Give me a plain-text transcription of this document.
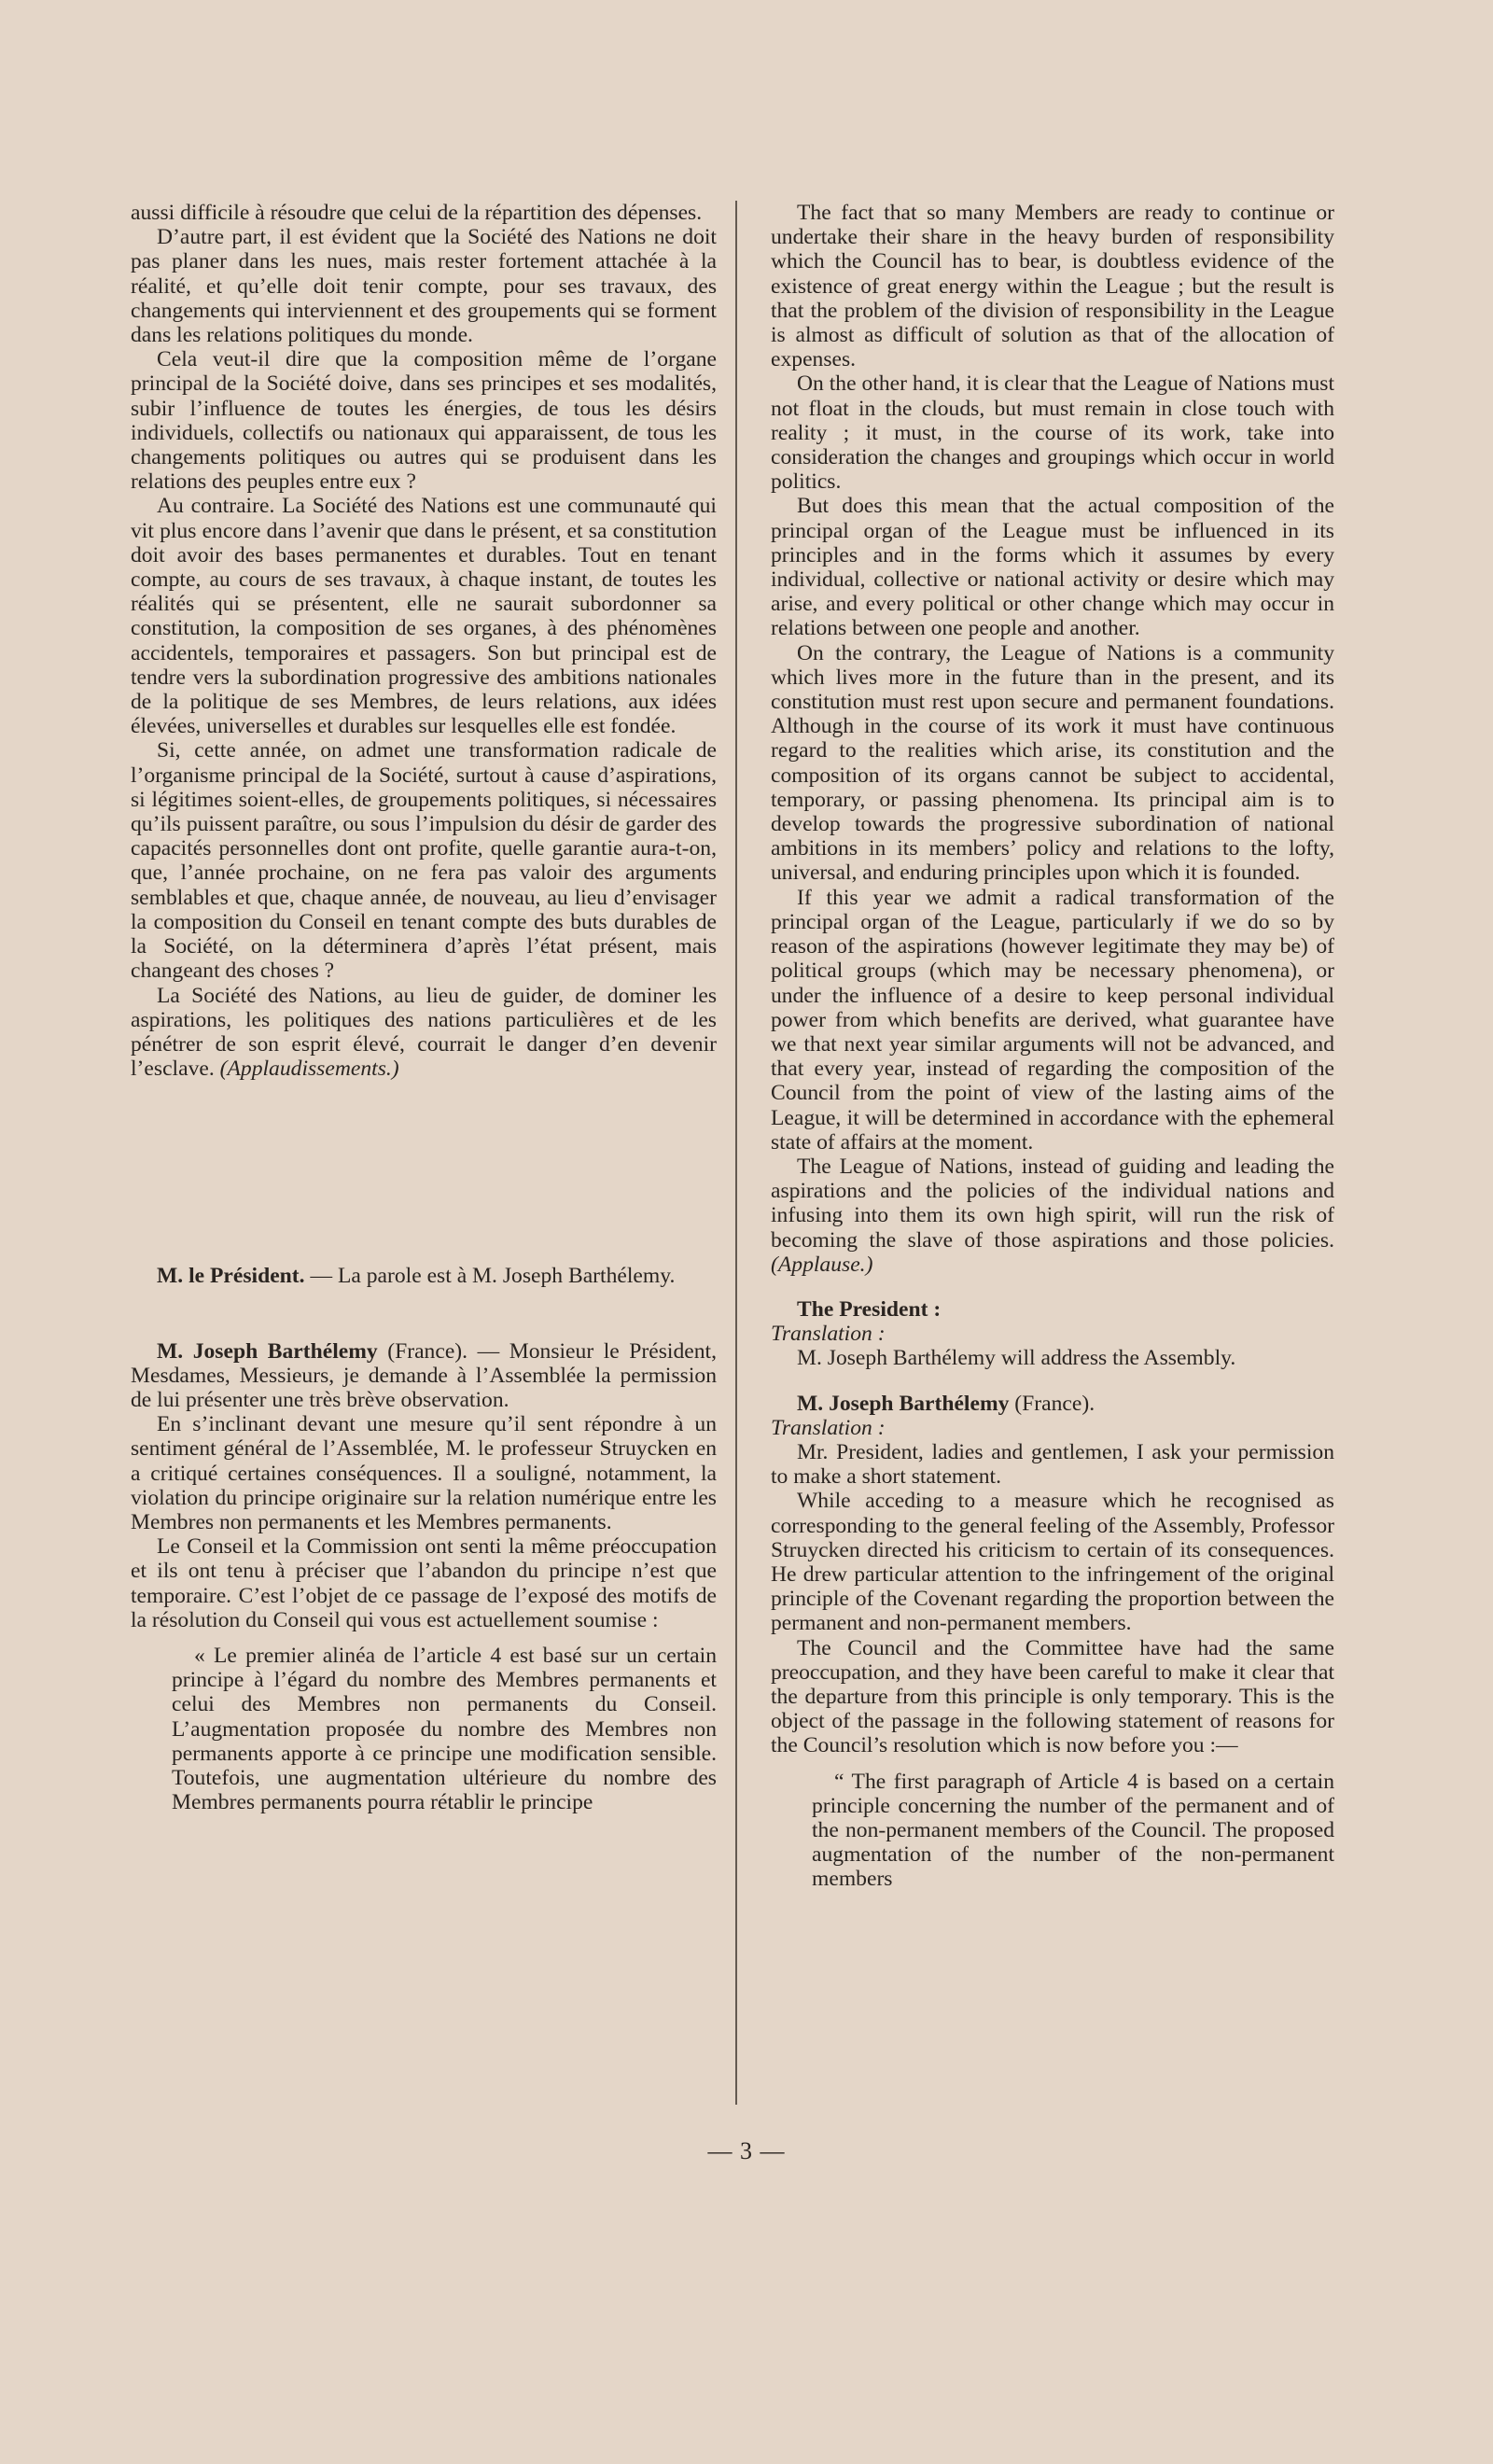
aussi difficile à résoudre que celui de la répartition des dépenses.

D’autre part, il est évident que la Société des Nations ne doit pas planer dans les nues, mais rester fortement attachée à la réalité, et qu’elle doit tenir compte, pour ses travaux, des changements qui interviennent et des groupements qui se forment dans les relations politiques du monde.

Cela veut-il dire que la composition même de l’organe principal de la Société doive, dans ses principes et ses modalités, subir l’influence de toutes les énergies, de tous les désirs individuels, collectifs ou nationaux qui apparaissent, de tous les changements politiques ou autres qui se produisent dans les relations des peuples entre eux ?

Au contraire. La Société des Nations est une communauté qui vit plus encore dans l’avenir que dans le présent, et sa constitution doit avoir des bases permanentes et durables. Tout en tenant compte, au cours de ses travaux, à chaque instant, de toutes les réalités qui se présentent, elle ne saurait subordonner sa constitution, la composition de ses organes, à des phénomènes accidentels, temporaires et passagers. Son but principal est de tendre vers la subordination progressive des ambitions nationales de la politique de ses Membres, de leurs relations, aux idées élevées, universelles et durables sur lesquelles elle est fondée.

Si, cette année, on admet une transformation radicale de l’organisme principal de la Société, surtout à cause d’aspirations, si légitimes soient-elles, de groupements politiques, si nécessaires qu’ils puissent paraître, ou sous l’impulsion du désir de garder des capacités personnelles dont ont profite, quelle garantie aura-t-on, que, l’année prochaine, on ne fera pas valoir des arguments semblables et que, chaque année, de nouveau, au lieu d’envisager la composition du Conseil en tenant compte des buts durables de la Société, on la déterminera d’après l’état présent, mais changeant des choses ?

La Société des Nations, au lieu de guider, de dominer les aspirations, les politiques des nations particulières et de les pénétrer de son esprit élevé, courrait le danger d’en devenir l’esclave. (Applaudissements.)

M. le Président. — La parole est à M. Joseph Barthélemy.

M. Joseph Barthélemy (France). — Monsieur le Président, Mesdames, Messieurs, je demande à l’Assemblée la permission de lui présenter une très brève observation.

En s’inclinant devant une mesure qu’il sent répondre à un sentiment général de l’Assemblée, M. le professeur Struycken en a critiqué certaines conséquences. Il a souligné, notamment, la violation du principe originaire sur la relation numérique entre les Membres non permanents et les Membres permanents.

Le Conseil et la Commission ont senti la même préoccupation et ils ont tenu à préciser que l’abandon du principe n’est que temporaire. C’est l’objet de ce passage de l’exposé des motifs de la résolution du Conseil qui vous est actuellement soumise :

« Le premier alinéa de l’article 4 est basé sur un certain principe à l’égard du nombre des Membres permanents et celui des Membres non permanents du Conseil. L’augmentation proposée du nombre des Membres non permanents apporte à ce principe une modification sensible. Toutefois, une augmentation ultérieure du nombre des Membres permanents pourra rétablir le principe

The fact that so many Members are ready to continue or undertake their share in the heavy burden of responsibility which the Council has to bear, is doubtless evidence of the existence of great energy within the League ; but the result is that the problem of the division of responsibility in the League is almost as difficult of solution as that of the allocation of expenses.

On the other hand, it is clear that the League of Nations must not float in the clouds, but must remain in close touch with reality ; it must, in the course of its work, take into consideration the changes and groupings which occur in world politics.

But does this mean that the actual composition of the principal organ of the League must be influenced in its principles and in the forms which it assumes by every individual, collective or national activity or desire which may arise, and every political or other change which may occur in relations between one people and another.

On the contrary, the League of Nations is a community which lives more in the future than in the present, and its constitution must rest upon secure and permanent foundations. Although in the course of its work it must have continuous regard to the realities which arise, its constitution and the composition of its organs cannot be subject to accidental, temporary, or passing phenomena. Its principal aim is to develop towards the progressive subordination of national ambitions in its members’ policy and relations to the lofty, universal, and enduring principles upon which it is founded.

If this year we admit a radical transformation of the principal organ of the League, particularly if we do so by reason of the aspirations (however legitimate they may be) of political groups (which may be necessary phenomena), or under the influence of a desire to keep personal individual power from which benefits are derived, what guarantee have we that next year similar arguments will not be advanced, and that every year, instead of regarding the composition of the Council from the point of view of the lasting aims of the League, it will be determined in accordance with the ephemeral state of affairs at the moment.

The League of Nations, instead of guiding and leading the aspirations and the policies of the individual nations and infusing into them its own high spirit, will run the risk of becoming the slave of those aspirations and those policies. (Applause.)

The President :

Translation :

M. Joseph Barthélemy will address the Assembly.

M. Joseph Barthélemy (France).

Translation :

Mr. President, ladies and gentlemen, I ask your permission to make a short statement.

While acceding to a measure which he recognised as corresponding to the general feeling of the Assembly, Professor Struycken directed his criticism to certain of its consequences. He drew particular attention to the infringement of the original principle of the Covenant regarding the proportion between the permanent and non-permanent members.

The Council and the Committee have had the same preoccupation, and they have been careful to make it clear that the departure from this principle is only temporary. This is the object of the passage in the following statement of reasons for the Council’s resolution which is now before you :—

“ The first paragraph of Article 4 is based on a certain principle concerning the number of the permanent and of the non-permanent members of the Council. The proposed augmentation of the number of the non-permanent members

— 3 —
